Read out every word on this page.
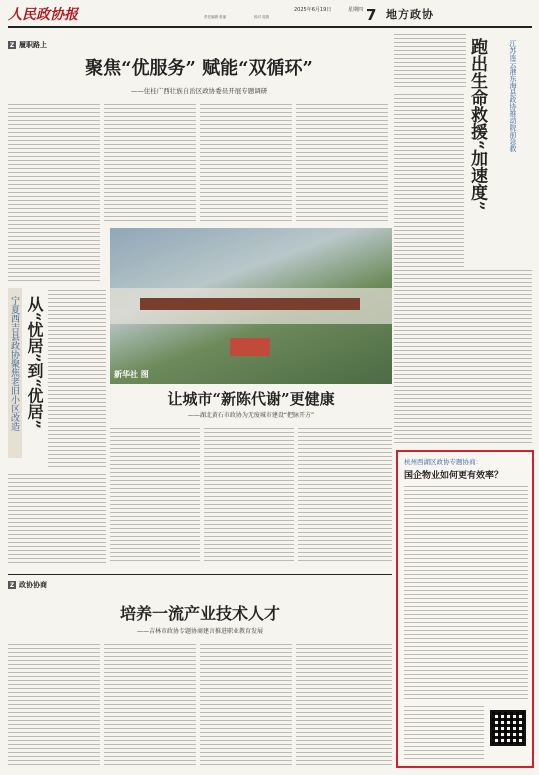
人民政协报	2025年6月19日	星期四
责任编辑 张丽	校对 周燕	7 地方政协
Z 履职路上
聚焦“优服务” 赋能“双循环”
——住桂广西壮族自治区政协委员开展专题调研	跑出生命救援“加速度”	江苏连云港东海县政协推动院前急救
宁夏西吉县政协聚焦老旧小区改造 从“忧居”到“优居”	新华社 图
让城市“新陈代谢”更健康
——湖北黄石市政协为无废城市建设“把脉开方”
杭州西湖区政协专题协商：
国企物业如何更有效率？
Z 政协协商
培养一流产业技术人才
——吉林市政协专题协商建言推进职业教育发展
